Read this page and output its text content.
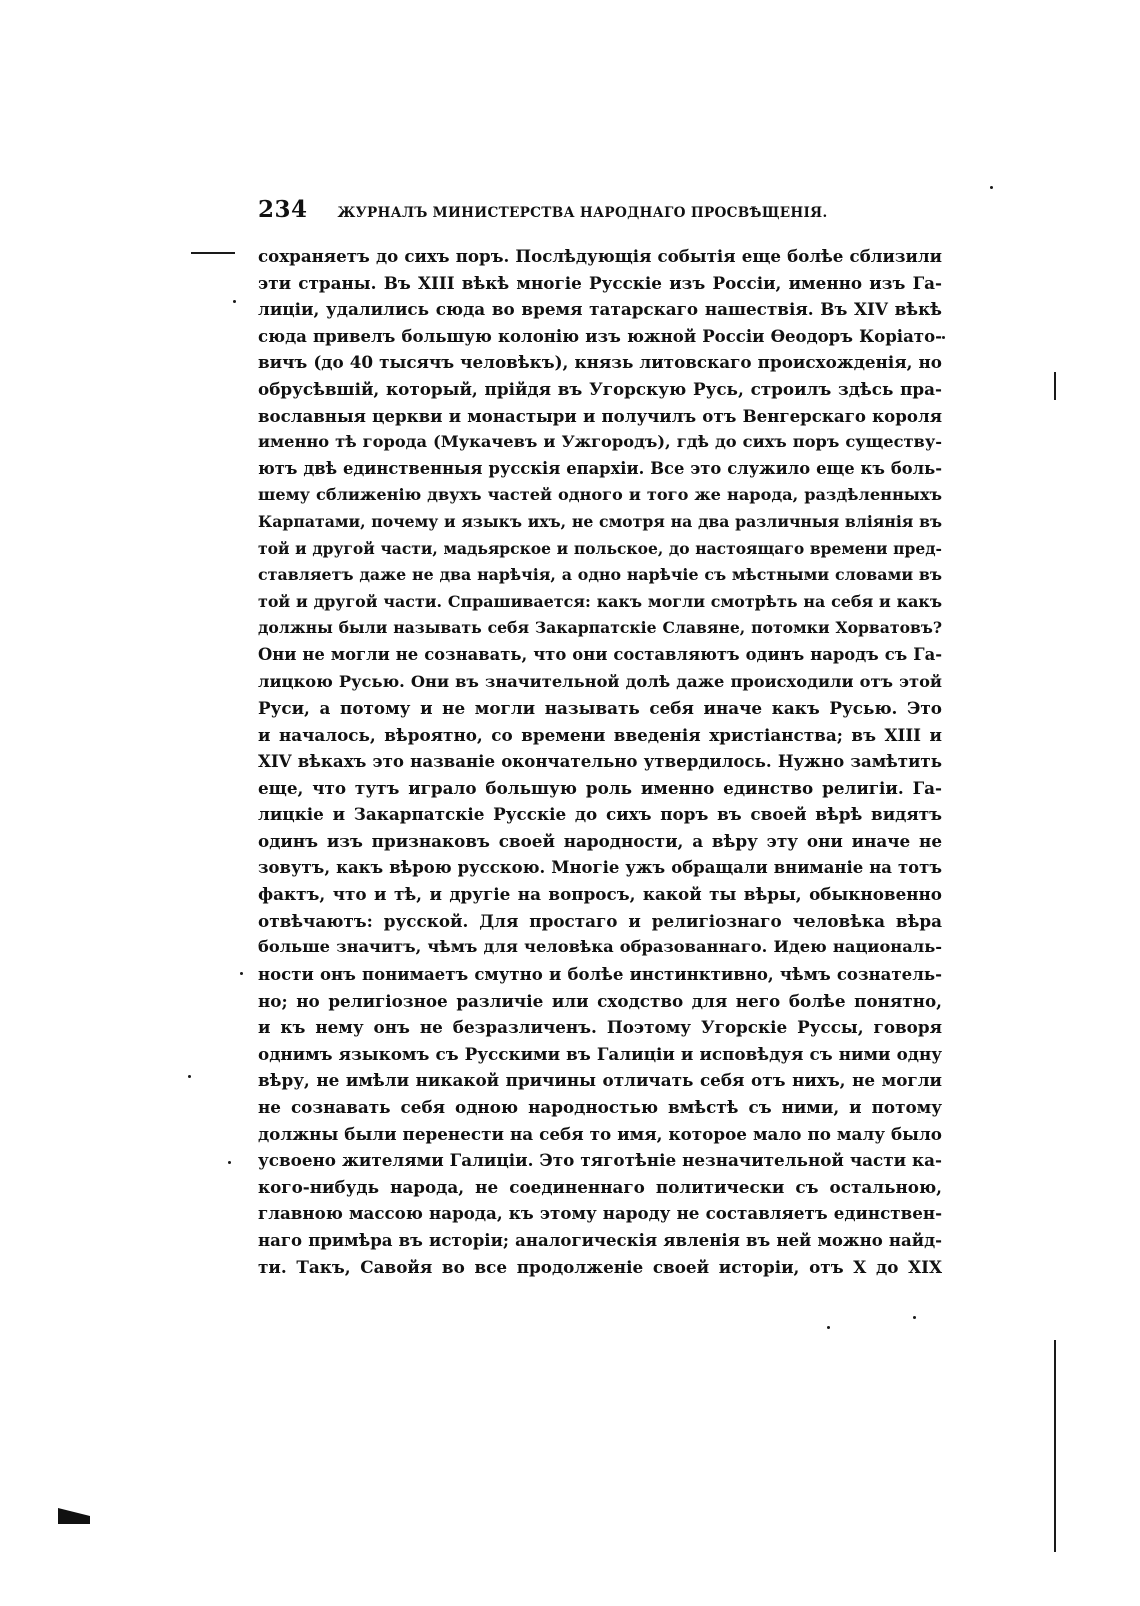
234 ЖУРНАЛЪ МИНИСТЕРСТВА НАРОДНАГО ПРОСВѢЩЕНІЯ.
сохраняетъ до сихъ поръ. Послѣдующія событія еще болѣе сблизили
эти страны. Въ XIII вѣкѣ многіе Русскіе изъ Россіи, именно изъ Га-
лиціи, удалились сюда во время татарскаго нашествія. Въ XIV вѣкѣ
сюда привелъ большую колонію изъ южной Россіи Ѳеодоръ Коріато-
вичъ (до 40 тысячъ человѣкъ), князь литовскаго происхожденія, но
обрусѣвшій, который, прійдя въ Угорскую Русь, строилъ здѣсь пра-
вославныя церкви и монастыри и получилъ отъ Венгерскаго короля
именно тѣ города (Мукачевъ и Ужгородъ), гдѣ до сихъ поръ существу-
ютъ двѣ единственныя русскія епархіи. Все это служило еще къ боль-
шему сближенію двухъ частей одного и того же народа, раздѣленныхъ
Карпатами, почему и языкъ ихъ, не смотря на два различныя вліянія въ
той и другой части, мадьярское и польское, до настоящаго времени пред-
ставляетъ даже не два нарѣчія, а одно нарѣчіе съ мѣстными словами въ
той и другой части. Спрашивается: какъ могли смотрѣть на себя и какъ
должны были называть себя Закарпатскіе Славяне, потомки Хорватовъ?
Они не могли не сознавать, что они составляютъ одинъ народъ съ Га-
лицкою Русью. Они въ значительной долѣ даже происходили отъ этой
Руси, а потому и не могли называть себя иначе какъ Русью. Это
и началось, вѣроятно, со времени введенія христіанства; въ XIII и
XIV вѣкахъ это названіе окончательно утвердилось. Нужно замѣтить
еще, что тутъ играло большую роль именно единство религіи. Га-
лицкіе и Закарпатскіе Русскіе до сихъ поръ въ своей вѣрѣ видятъ
одинъ изъ признаковъ своей народности, а вѣру эту они иначе не
зовутъ, какъ вѣрою русскою. Многіе ужъ обращали вниманіе на тотъ
фактъ, что и тѣ, и другіе на вопросъ, какой ты вѣры, обыкновенно
отвѣчаютъ: русской. Для простаго и религіознаго человѣка вѣра
больше значитъ, чѣмъ для человѣка образованнаго. Идею националь-
ности онъ понимаетъ смутно и болѣе инстинктивно, чѣмъ сознатель-
но; но религіозное различіе или сходство для него болѣе понятно,
и къ нему онъ не безразличенъ. Поэтому Угорскіе Руссы, говоря
однимъ языкомъ съ Русскими въ Галиціи и исповѣдуя съ ними одну
вѣру, не имѣли никакой причины отличать себя отъ нихъ, не могли
не сознавать себя одною народностью вмѣстѣ съ ними, и потому
должны были перенести на себя то имя, которое мало по малу было
усвоено жителями Галиціи. Это тяготѣніе незначительной части ка-
кого-нибудь народа, не соединеннаго политически съ остальною,
главною массою народа, къ этому народу не составляетъ единствен-
наго примѣра въ исторіи; аналогическія явленія въ ней можно найд-
ти. Такъ, Савойя во все продолженіе своей исторіи, отъ X до XIX
